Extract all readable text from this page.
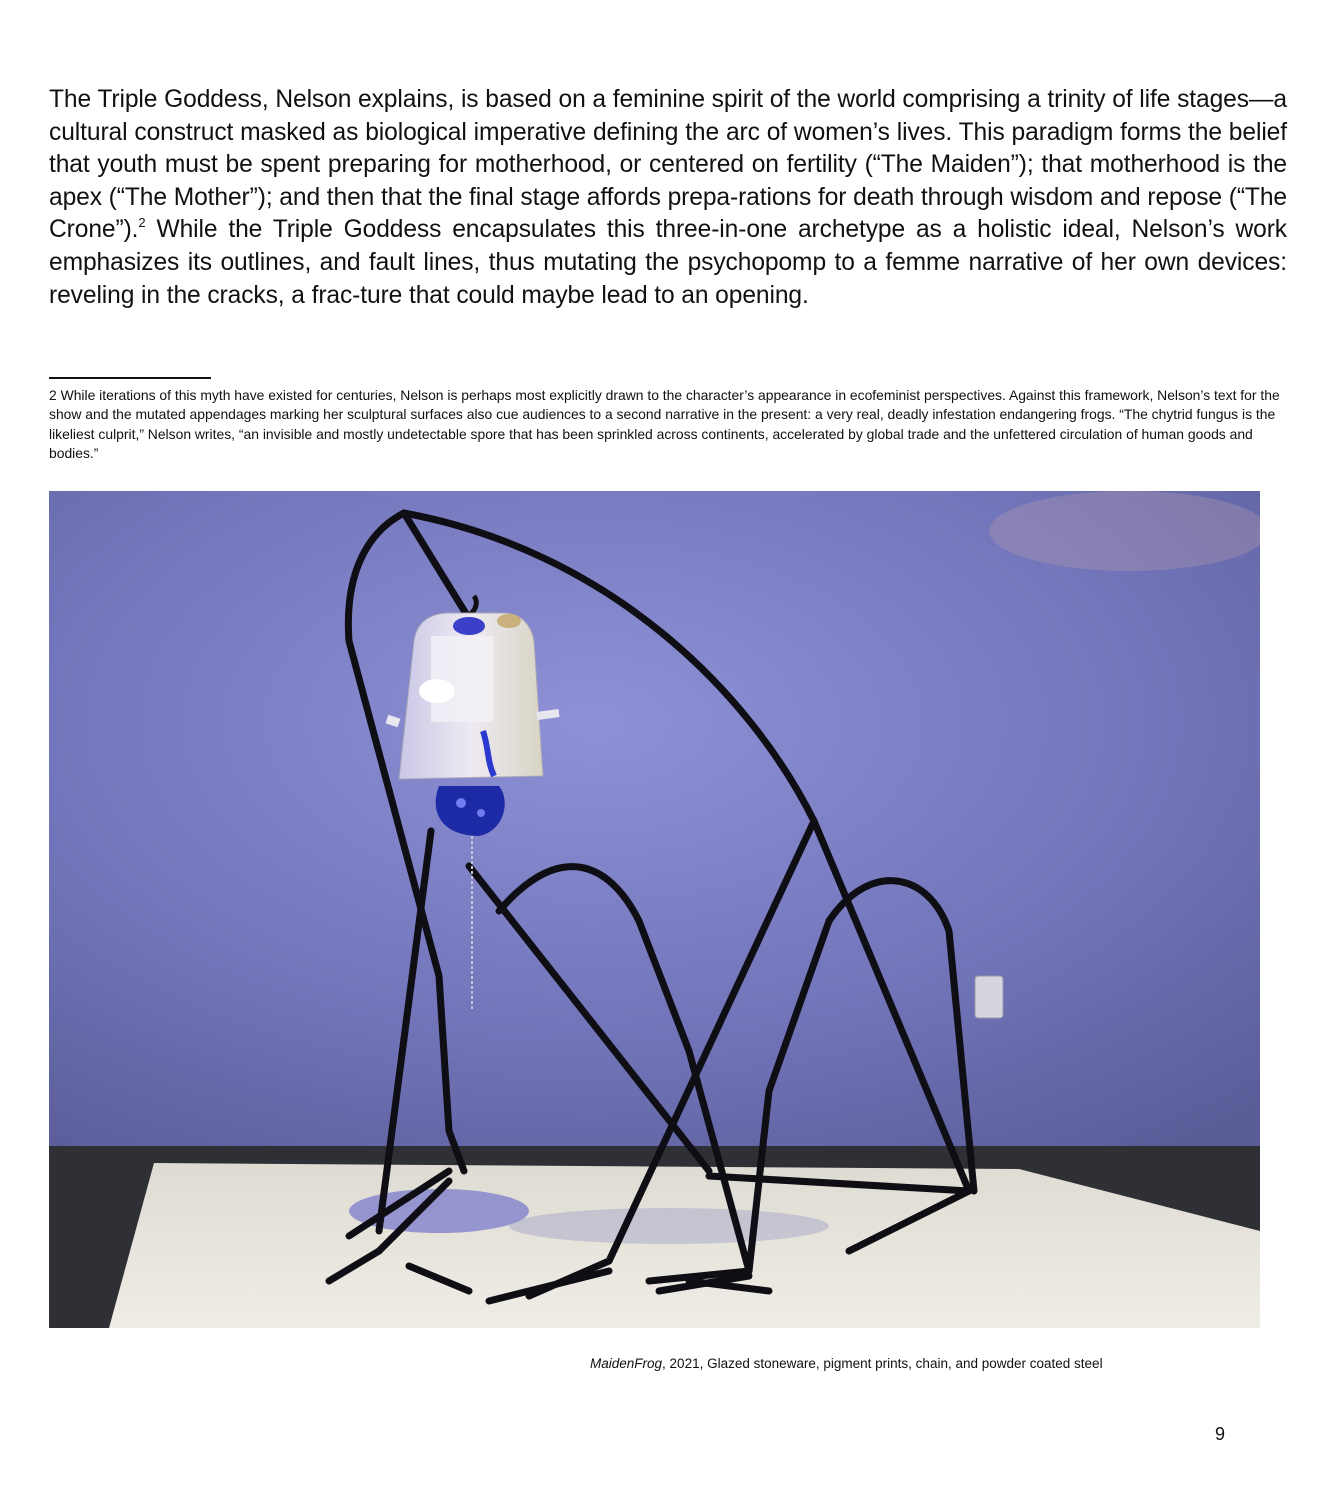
The Triple Goddess, Nelson explains, is based on a feminine spirit of the world comprising a trinity of life stages—a cultural construct masked as biological imperative defining the arc of women’s lives. This paradigm forms the belief that youth must be spent preparing for motherhood, or centered on fertility (“The Maiden”); that motherhood is the apex (“The Mother”); and then that the final stage affords prepa-rations for death through wisdom and repose (“The Crone”).$^2$ While the Triple Goddess encapsulates this three-in-one archetype as a holistic ideal, Nelson’s work emphasizes its outlines, and fault lines, thus mutating the psychopomp to a femme narrative of her own devices: reveling in the cracks, a frac-ture that could maybe lead to an opening.

2 While iterations of this myth have existed for centuries, Nelson is perhaps most explicitly drawn to the character’s appearance in ecofeminist perspectives. Against this framework, Nelson’s text for the show and the mutated appendages marking her sculptural surfaces also cue audiences to a second narrative in the present: a very real, deadly infestation endangering frogs. “The chytrid fungus is the likeliest culprit,” Nelson writes, “an invisible and mostly undetectable spore that has been sprinkled across continents, accelerated by global trade and the unfettered circulation of human goods and bodies.”

MaidenFrog, 2021, Glazed stoneware, pigment prints, chain, and powder coated steel

9
